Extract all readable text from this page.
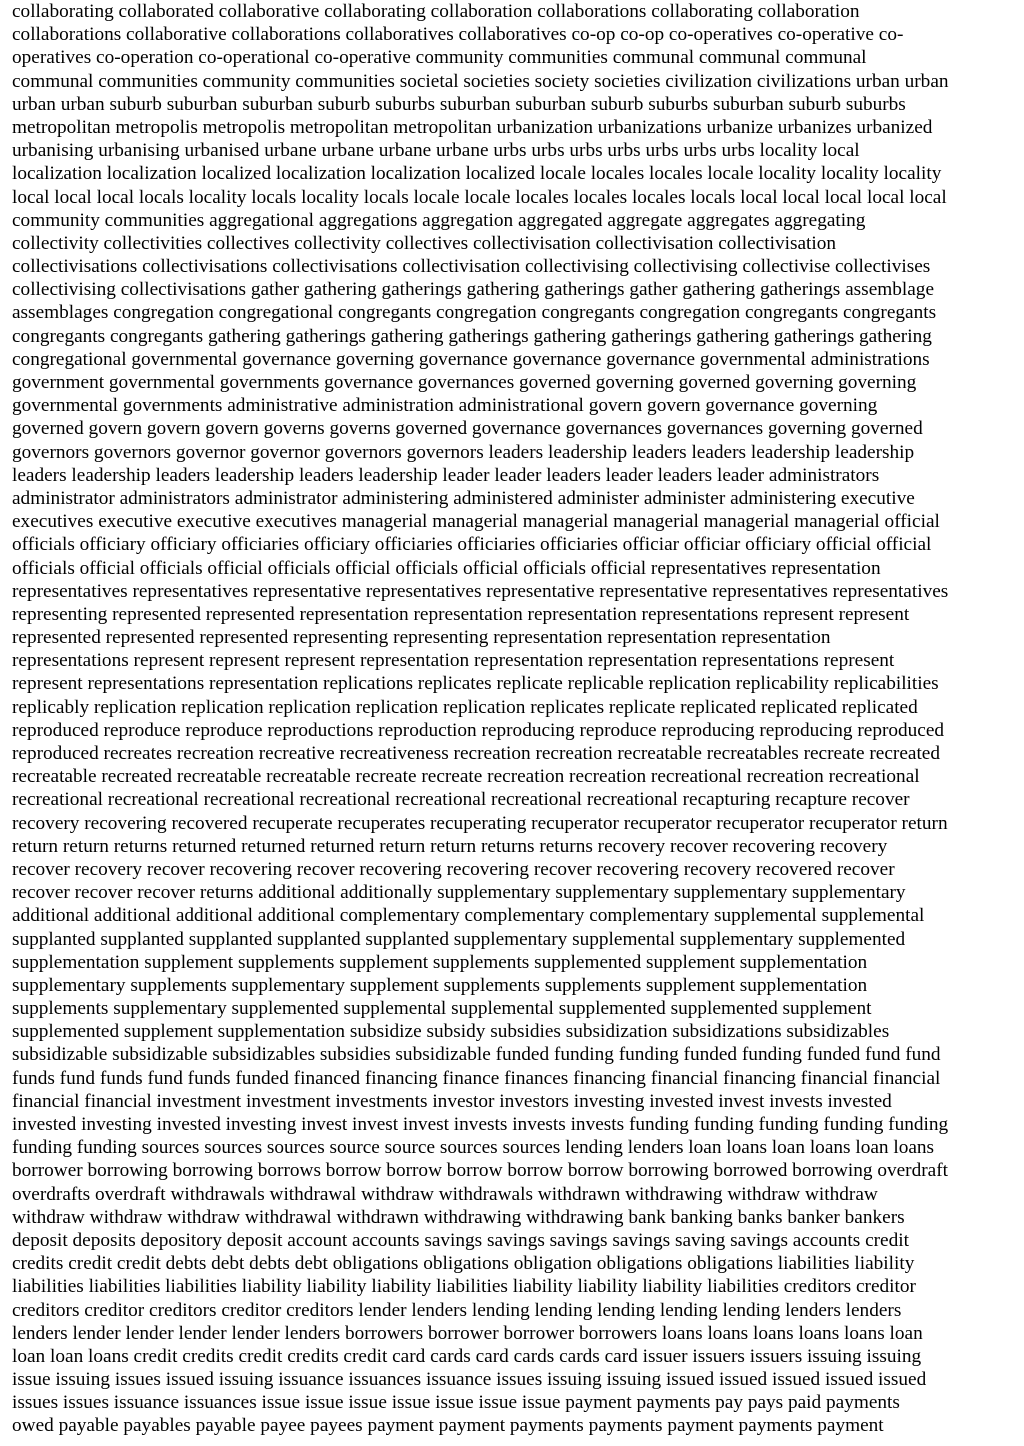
collaborating collaborated collaborative collaborating collaboration collaborations collaborating collaboration
collaborations collaborative collaborations collaboratives collaboratives co-op co-op co-operatives co-operative co-
operatives co-operation co-operational co-operative community communities communal communal communal
communal communities community communities societal societies society societies civilization civilizations urban urban
urban urban suburb suburban suburban suburb suburbs suburban suburban suburb suburbs suburban suburb suburbs
metropolitan metropolis metropolis metropolitan metropolitan urbanization urbanizations urbanize urbanizes urbanized
urbanising urbanising urbanised urbane urbane urbane urbane urbs urbs urbs urbs urbs urbs urbs locality local
localization localization localized localization localization localized locale locales locales locale locality locality locality
local local local locals locality locals locality locals locale locale locales locales locales locals local local local local local
community communities aggregational aggregations aggregation aggregated aggregate aggregates aggregating
collectivity collectivities collectives collectivity collectives collectivisation collectivisation collectivisation
collectivisations collectivisations collectivisations collectivisation collectivising collectivising collectivise collectivises
collectivising collectivisations gather gathering gatherings gathering gatherings gather gathering gatherings assemblage
assemblages congregation congregational congregants congregation congregants congregation congregants congregants
congregants congregants gathering gatherings gathering gatherings gathering gatherings gathering gatherings gathering
congregational governmental governance governing governance governance governance governmental administrations
government governmental governments governance governances governed governing governed governing governing
governmental governments administrative administration administrational govern govern governance governing
governed govern govern govern governs governs governed governance governances governances governing governed
governors governors governor governor governors governors leaders leadership leaders leaders leadership leadership
leaders leadership leaders leadership leaders leadership leader leader leaders leader leaders leader administrators
administrator administrators administrator administering administered administer administer administering executive
executives executive executive executives managerial managerial managerial managerial managerial managerial official
officials officiary officiary officiaries officiary officiaries officiaries officiaries officiar officiar officiary official official
officials official officials official officials official officials official officials official representatives representation
representatives representatives representative representatives representative representative representatives representatives
representing represented represented representation representation representation representations represent represent
represented represented represented representing representing representation representation representation
representations represent represent represent representation representation representation representations represent
represent representations representation replications replicates replicate replicable replication replicability replicabilities
replicably replication replication replication replication replication replicates replicate replicated replicated replicated
reproduced reproduce reproduce reproductions reproduction reproducing reproduce reproducing reproducing reproduced
reproduced recreates recreation recreative recreativeness recreation recreation recreatable recreatables recreate recreated
recreatable recreated recreatable recreatable recreate recreate recreation recreation recreational recreation recreational
recreational recreational recreational recreational recreational recreational recreational recapturing recapture recover
recovery recovering recovered recuperate recuperates recuperating recuperator recuperator recuperator recuperator return
return return returns returned returned returned return return returns returns recovery recover recovering recovery
recover recovery recover recovering recover recovering recovering recover recovering recovery recovered recover
recover recover recover returns additional additionally supplementary supplementary supplementary supplementary
additional additional additional additional complementary complementary complementary supplemental supplemental
supplanted supplanted supplanted supplanted supplanted supplementary supplemental supplementary supplemented
supplementation supplement supplements supplement supplements supplemented supplement supplementation
supplementary supplements supplementary supplement supplements supplements supplement supplementation
supplements supplementary supplemented supplemental supplemental supplemented supplemented supplement
supplemented supplement supplementation subsidize subsidy subsidies subsidization subsidizations subsidizables
subsidizable subsidizable subsidizables subsidies subsidizable funded funding funding funded funding funded fund fund
funds fund funds fund funds funded financed financing finance finances financing financial financing financial financial
financial financial investment investment investments investor investors investing invested invest invests invested
invested investing invested investing invest invest invest invests invests invests funding funding funding funding funding
funding funding sources sources sources source source sources sources lending lenders loan loans loan loans loan loans
borrower borrowing borrowing borrows borrow borrow borrow borrow borrow borrowing borrowed borrowing overdraft
overdrafts overdraft withdrawals withdrawal withdraw withdrawals withdrawn withdrawing withdraw withdraw
withdraw withdraw withdraw withdrawal withdrawn withdrawing withdrawing bank banking banks banker bankers
deposit deposits depository deposit account accounts savings savings savings savings saving savings accounts credit
credits credit credit debts debt debts debt obligations obligations obligation obligations obligations liabilities liability
liabilities liabilities liabilities liability liability liability liabilities liability liability liability liabilities creditors creditor
creditors creditor creditors creditor creditors lender lenders lending lending lending lending lending lenders lenders
lenders lender lender lender lender lenders borrowers borrower borrower borrowers loans loans loans loans loans loan
loan loan loans credit credits credit credits credit card cards card cards cards card issuer issuers issuers issuing issuing
issue issuing issues issued issuing issuance issuances issuance issues issuing issuing issued issued issued issued issued
issues issues issuance issuances issue issue issue issue issue issue issue payment payments pay pays paid payments
owed payable payables payable payee payees payment payment payments payments payment payments payment
